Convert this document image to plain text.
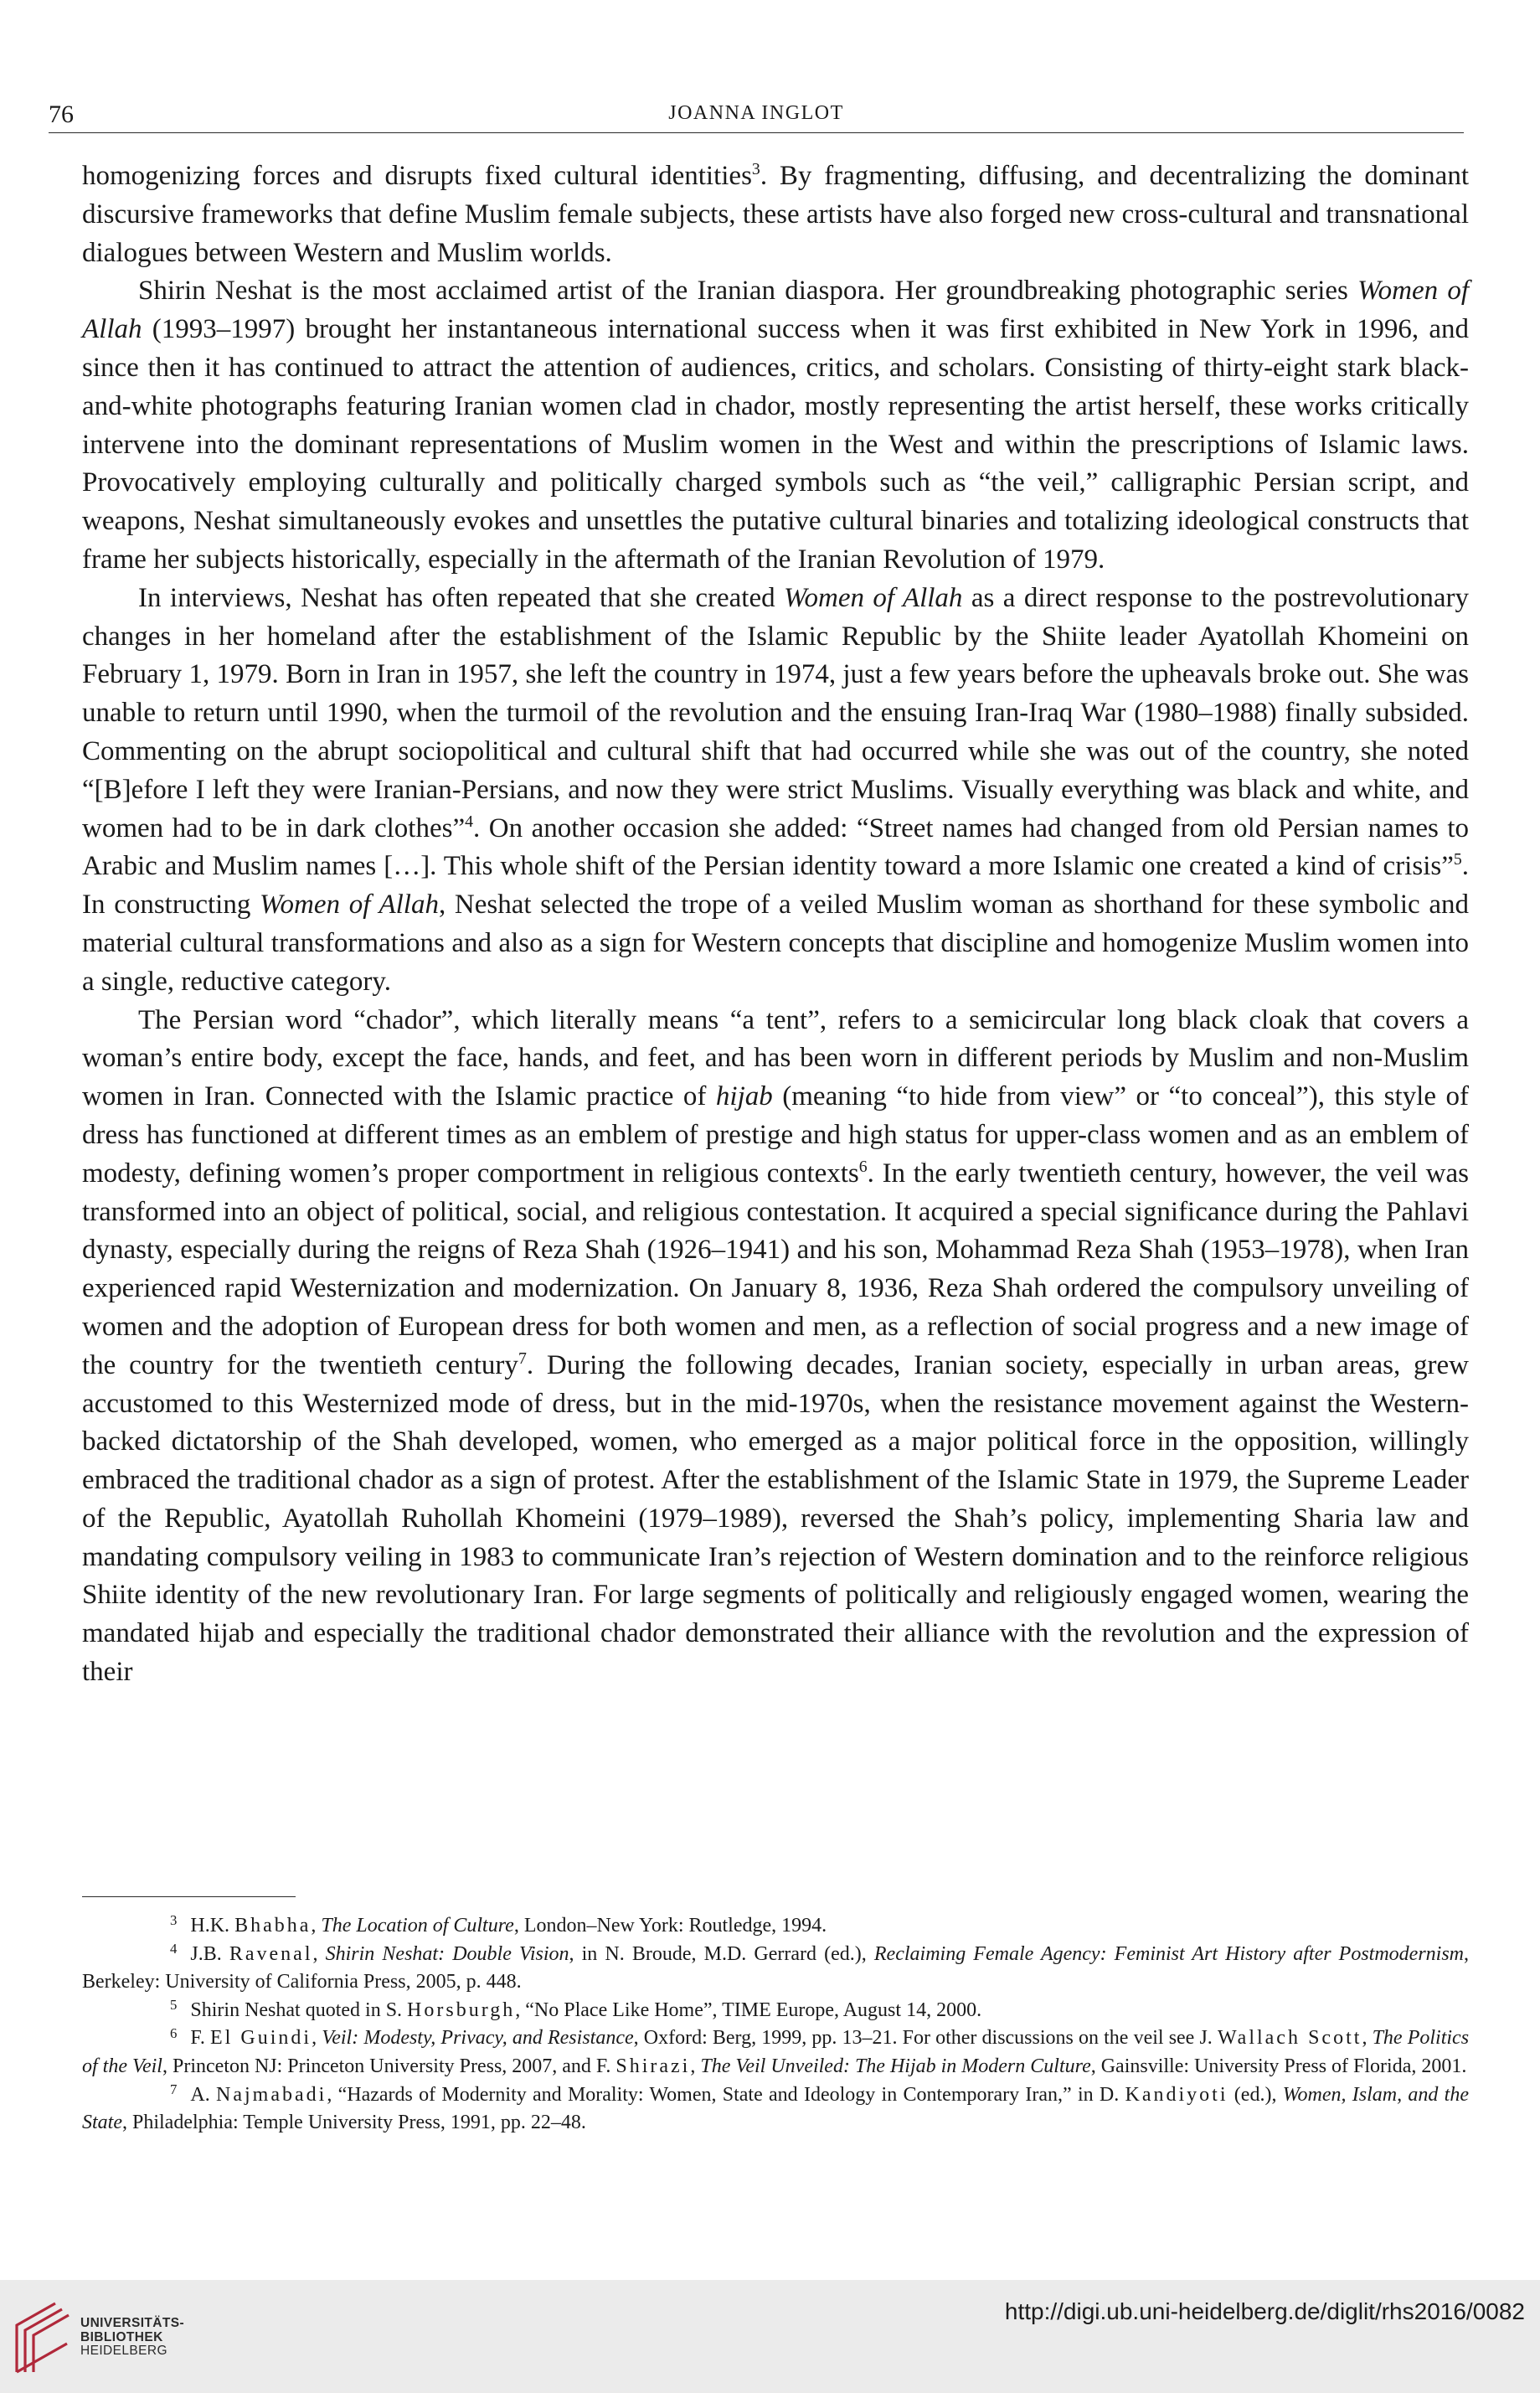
76	JOANNA INGLOT

homogenizing forces and disrupts fixed cultural identities$^3$. By fragmenting, diffusing, and decentralizing the dominant discursive frameworks that define Muslim female subjects, these artists have also forged new cross-cultural and transnational dialogues between Western and Muslim worlds.

Shirin Neshat is the most acclaimed artist of the Iranian diaspora. Her groundbreaking photographic series Women of Allah (1993–1997) brought her instantaneous international success when it was first exhibited in New York in 1996, and since then it has continued to attract the attention of audiences, critics, and scholars. Consisting of thirty-eight stark black-and-white photographs featuring Iranian women clad in chador, mostly representing the artist herself, these works critically intervene into the dominant representations of Muslim women in the West and within the prescriptions of Islamic laws. Provocatively employing culturally and politically charged symbols such as “the veil,” calligraphic Persian script, and weapons, Neshat simultaneously evokes and unsettles the putative cultural binaries and totalizing ideological constructs that frame her subjects historically, especially in the aftermath of the Iranian Revolution of 1979.

In interviews, Neshat has often repeated that she created Women of Allah as a direct response to the postrevolutionary changes in her homeland after the establishment of the Islamic Republic by the Shiite leader Ayatollah Khomeini on February 1, 1979. Born in Iran in 1957, she left the country in 1974, just a few years before the upheavals broke out. She was unable to return until 1990, when the turmoil of the revolution and the ensuing Iran-Iraq War (1980–1988) finally subsided. Commenting on the abrupt sociopolitical and cultural shift that had occurred while she was out of the country, she noted “[B]efore I left they were Iranian-Persians, and now they were strict Muslims. Visually everything was black and white, and women had to be in dark clothes”$^4$. On another occasion she added: “Street names had changed from old Persian names to Arabic and Muslim names […]. This whole shift of the Persian identity toward a more Islamic one created a kind of crisis”$^5$. In constructing Women of Allah, Neshat selected the trope of a veiled Muslim woman as shorthand for these symbolic and material cultural transformations and also as a sign for Western concepts that discipline and homogenize Muslim women into a single, reductive category.

The Persian word “chador”, which literally means “a tent”, refers to a semicircular long black cloak that covers a woman’s entire body, except the face, hands, and feet, and has been worn in different periods by Muslim and non-Muslim women in Iran. Connected with the Islamic practice of hijab (meaning “to hide from view” or “to conceal”), this style of dress has functioned at different times as an emblem of prestige and high status for upper-class women and as an emblem of modesty, defining women’s proper comportment in religious contexts$^6$. In the early twentieth century, however, the veil was transformed into an object of political, social, and religious contestation. It acquired a special significance during the Pahlavi dynasty, especially during the reigns of Reza Shah (1926–1941) and his son, Mohammad Reza Shah (1953–1978), when Iran experienced rapid Westernization and modernization. On January 8, 1936, Reza Shah ordered the compulsory unveiling of women and the adoption of European dress for both women and men, as a reflection of social progress and a new image of the country for the twentieth century$^7$. During the following decades, Iranian society, especially in urban areas, grew accustomed to this Westernized mode of dress, but in the mid-1970s, when the resistance movement against the Western-backed dictatorship of the Shah developed, women, who emerged as a major political force in the opposition, willingly embraced the traditional chador as a sign of protest. After the establishment of the Islamic State in 1979, the Supreme Leader of the Republic, Ayatollah Ruhollah Khomeini (1979–1989), reversed the Shah’s policy, implementing Sharia law and mandating compulsory veiling in 1983 to communicate Iran’s rejection of Western domination and to the reinforce religious Shiite identity of the new revolutionary Iran. For large segments of politically and religiously engaged women, wearing the mandated hijab and especially the traditional chador demonstrated their alliance with the revolution and the expression of their

$^3$ H.K. Bhabha, The Location of Culture, London–New York: Routledge, 1994.

$^4$ J.B. Ravenal, Shirin Neshat: Double Vision, in N. Broude, M.D. Gerrard (ed.), Reclaiming Female Agency: Feminist Art History after Postmodernism, Berkeley: University of California Press, 2005, p. 448.

$^5$ Shirin Neshat quoted in S. Horsburgh, “No Place Like Home”, TIME Europe, August 14, 2000.

$^6$ F. El Guindi, Veil: Modesty, Privacy, and Resistance, Oxford: Berg, 1999, pp. 13–21. For other discussions on the veil see J. Wallach Scott, The Politics of the Veil, Princeton NJ: Princeton University Press, 2007, and F. Shirazi, The Veil Unveiled: The Hijab in Modern Culture, Gainsville: University Press of Florida, 2001.

$^7$ A. Najmabadi, “Hazards of Modernity and Morality: Women, State and Ideology in Contemporary Iran,” in D. Kandiyoti (ed.), Women, Islam, and the State, Philadelphia: Temple University Press, 1991, pp. 22–48.

UNIVERSITÄTS-
BIBLIOTHEK
HEIDELBERG
http://digi.ub.uni-heidelberg.de/diglit/rhs2016/0082
